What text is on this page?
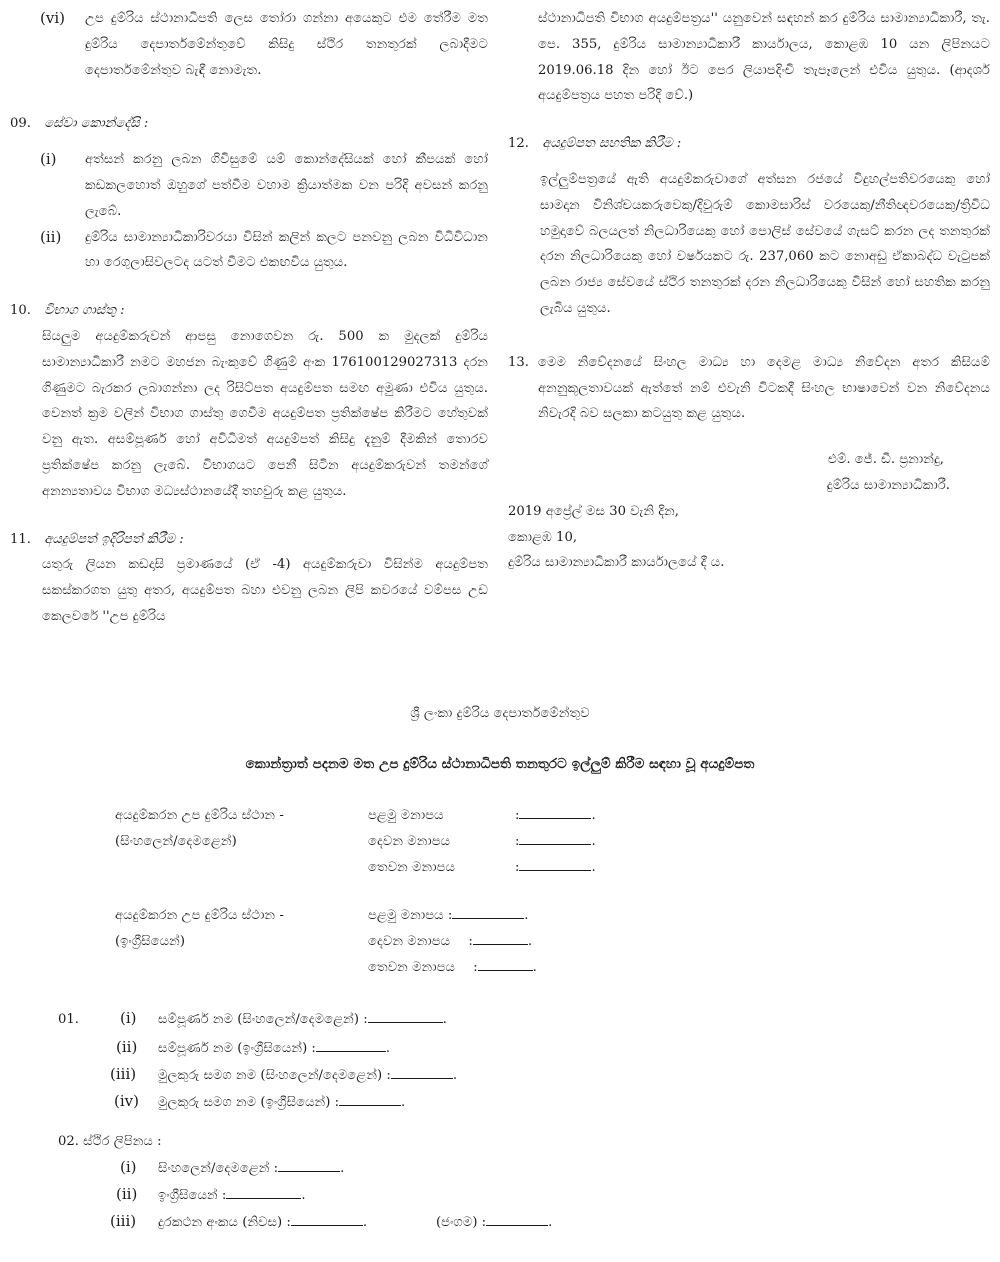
(vi) උප දුම්රිය ස්ථානාධිපති ලෙස තෝරා ගන්නා අයෙකුට එම තේරීම මත දුම්රිය දෙපාර්තමේන්තුවේ කිසිදු ස්ථිර තනතුරක් ලබාදීමට දෙපාර්තමේන්තුව බැඳී නොමැත.

09. සේවා කොන්දේසි :

(i) අත්සන් කරනු ලබන ගිවිසුමේ යම් කොන්දේසියක් හෝ කීපයක් හෝ කඩකලහොත් ඔහුගේ පත්වීම වහාම ක්‍රියාත්මක වන පරිදි අවසන් කරනු ලැබේ.

(ii) දුම්රිය සාමාන්‍යාධිකාරිවරයා විසින් කලින් කලට පනවනු ලබන විධිවිධාන හා රෙගුලාසිවලටද යටත් වීමට එකඟවිය යුතුය.

10. විභාග ගාස්තු :

සියලුම අයදුම්කරුවන් ආපසු නොගෙවන රු. 500 ක මුදලක් දුම්රිය සාමාන්‍යාධිකාරී නමට මහජන බැංකුවේ ගිණුම් අංක 176100129027313 දරන ගිණුමට බැරකර ලබාගන්නා ලද රිසිට්පත අයදුම්පත සමඟ අමුණා එවිය යුතුය. වෙනත් ක්‍රම වලින් විභාග ගාස්තු ගෙවීම අයදුම්පත ප්‍රතික්ෂේප කිරීමට හේතුවක් වනු ඇත. අසම්පූර්ණ හෝ අවිධිමත් අයදුම්පත් කිසිදු දැනුම් දීමකින් තොරව ප්‍රතික්ෂේප කරනු ලැබේ. විභාගයට පෙනී සිටින අයදුම්කරුවන් තමන්ගේ අනන්‍යතාවය විභාග මධ්‍යස්ථානයේදී තහවුරු කළ යුතුය.

11. අයදුම්පත් ඉදිරිපත් කිරීම :

යතුරු ලියන කඩදාසි ප්‍රමාණයේ (ඒ -4) අයදුම්කරුවා විසින්ම අයදුම්පත සකස්කරගත යුතු අතර, අයදුම්පත බහා එවනු ලබන ලිපි කවරයේ වම්පස උඩ කෙලවරේ ''උප දුම්රිය

ස්ථානාධිපති විභාග අයදුම්පත්‍රය'' යනුවෙන් සඳහන් කර දුම්රිය සාමාන්‍යාධිකාරී, තැ. පෙ. 355, දුම්රිය සාමාන්‍යාධිකාරී කාර්යාලය, කොළඹ 10 යන ලිපිනයට 2019.06.18 දින හෝ ඊට පෙර ලියාපදිංචි තැපෑලෙන් එවිය යුතුය. (ආදර්ශ අයදුම්පත්‍රය පහත පරිදි වේ.)

12. අයදුම්පත සහතික කිරීම :

ඉල්ලුම්පත්‍රයේ ඇති අයදුම්කරුවාගේ අත්සන රජයේ විදුහල්පතිවරයෙකු හෝ සාමදාන විනිශ්චයකරුවෙකු/දිවුරුම් කොමසාරිස් වරයෙකු/නීතිඥවරයෙකු/ත්‍රිවිධ හමුදාවේ බලයලත් නිලධාරියෙකු හෝ පොලිස් සේවයේ ගැසට් කරන ලද තනතුරක් දරන නිලධාරියෙකු හෝ වර්ෂයකට රු. 237,060 කට නොඅඩු ඒකාබද්ධ වැටුපක් ලබන රාජ්‍ය සේවයේ ස්ථිර තනතුරක් දරන නිලධාරියෙකු විසින් හෝ සහතික කරනු ලැබිය යුතුය.

13. මෙම නිවේදනයේ සිංහල මාධ්‍ය හා දෙමළ මාධ්‍ය නිවේදන අතර කිසියම් අනනුකූලතාවයක් ඇත්තේ නම් එවැනි විටකදී සිංහල භාෂාවෙන් වන නිවේදනය නිවැරදි බව සලකා කටයුතු කළ යුතුය.

එම්. ජේ. ඩී. ප්‍රනාන්දු,
දුම්රිය සාමාන්‍යාධිකාරී.
2019 අප්‍රේල් මස 30 වැනි දින,
කොළඹ 10,
දුම්රිය සාමාන්‍යාධිකාරී කාර්යාලයේ දී ය.
ශ්‍රී ලංකා දුම්රිය දෙපාර්තමේන්තුව
කොන්ත්‍රාත් පදනම මත උප දුම්රිය ස්ථානාධිපති තනතුරට ඉල්ලුම් කිරීම සඳහා වූ අයදුම්පත
අයදුම්කරන උප දුම්රිය ස්ථාන -
(සිංහලෙන්/දෙමළෙන්)
පළමු මනාපය	:	.
දෙවන මනාපය	:	.
තෙවන මනාපය	:	.
අයදුම්කරන උප දුම්රිය ස්ථාන -
(ඉංග්‍රීසියෙන්)
පළමු මනාපය :	.
දෙවන මනාපය :	.
තෙවන මනාපය :	.
01.	(i) සම්පූර්ණ නම (සිංහලෙන්/දෙමළෙන්) :	.
(ii) සම්පූර්ණ නම (ඉංග්‍රීසියෙන්) :	.
(iii) මුලකුරු සමග නම (සිංහලෙන්/දෙමළෙන්) :	.
(iv) මුලකුරු සමග නම (ඉංග්‍රීසියෙන්) :	.
02. ස්ථිර ලිපිනය :
(i) සිංහලෙන්/දෙමළෙන් :	.
(ii) ඉංග්‍රීසියෙන් :	.
(iii) දුරකථන අංකය (නිවස) :	.	(ජංගම) :	.
